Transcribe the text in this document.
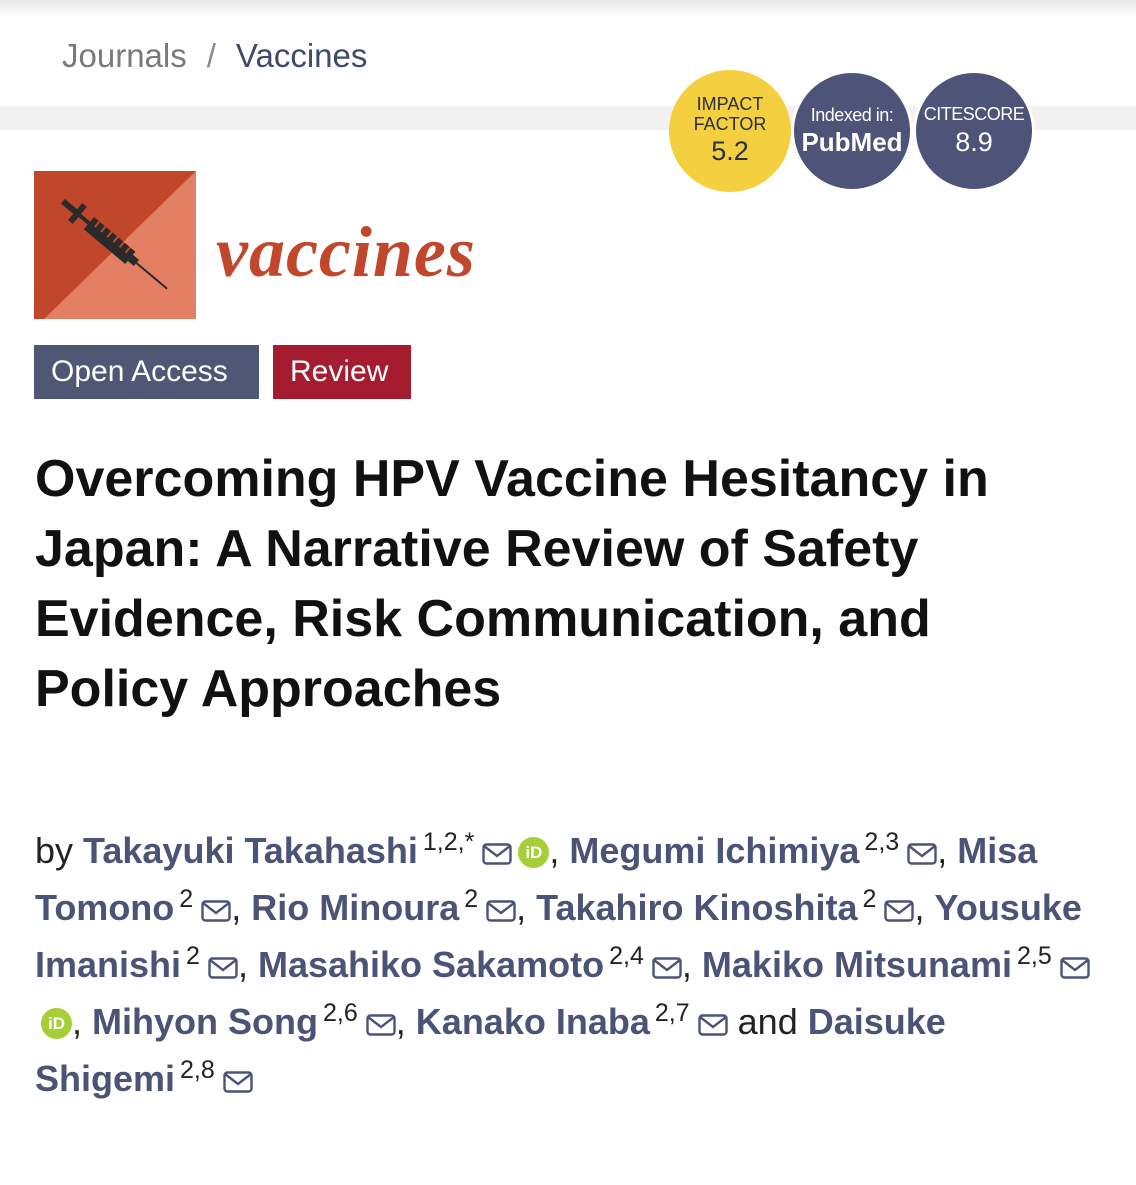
Journals / Vaccines
IMPACT
FACTOR
5.2
Indexed in:
PubMed
CITESCORE
8.9
vaccines
Open Access	Review
Overcoming HPV Vaccine Hesitancy in Japan: A Narrative Review of Safety Evidence, Risk Communication, and Policy Approaches
by Takayuki Takahashi $^{1,2,*}$	iD , Megumi Ichimiya $^{2,3}$ , Misa Tomono $^2$ , Rio Minoura $^2$ , Takahiro Kinoshita $^2$ , Yousuke Imanishi $^2$ , Masahiko Sakamoto $^{2,4}$ , Makiko Mitsunami $^{2,5}$iD , Mihyon Song $^{2,6}$ , Kanako Inaba $^{2,7}$ and Daisuke Shigemi $^{2,8}$
